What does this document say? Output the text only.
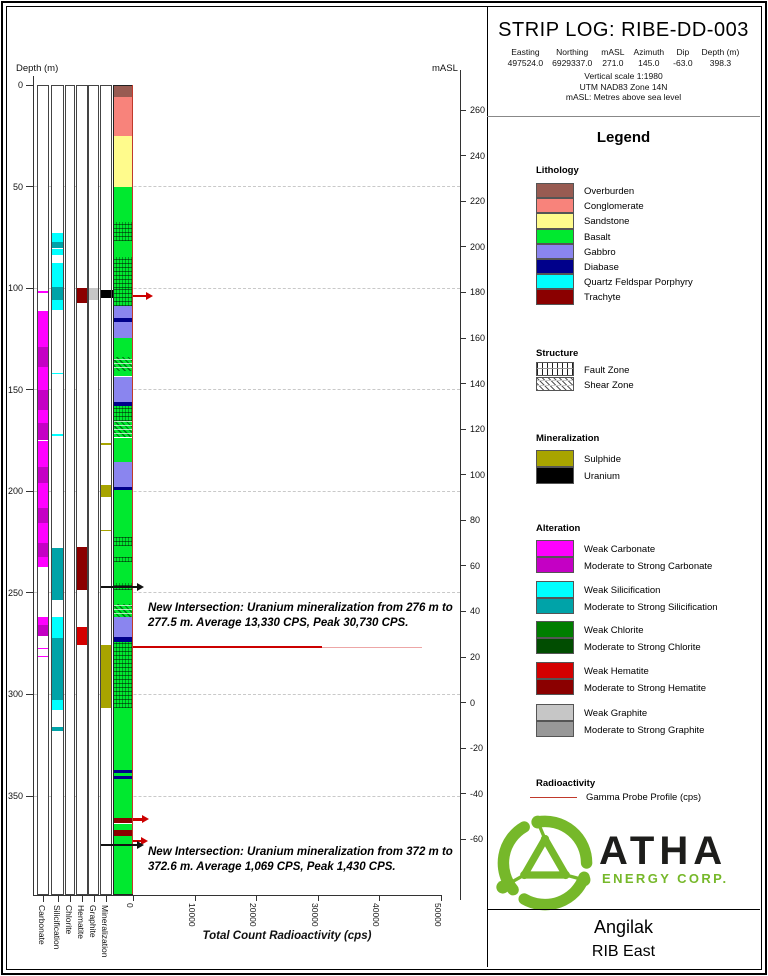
New Intersection: Uranium mineralization from 276 m to 277.5 m. Average 13,330 CPS, Peak 30,730 CPS.
New Intersection: Uranium mineralization from 372 m to 372.6 m. Average 1,069 CPS, Peak 1,430 CPS.
Depth (m)
0
50
100
150
200
250
300
350
mASL
260
240
220
200
180
160
140
120
100
80
60
40
20
0
-20
-40
-60
0	10000	20000	30000	40000	50000
Total Count Radioactivity (cps)
Carbonate Silicification Chlorite Hematite Graphite Mineralization
STRIP LOG: RIBE-DD-003
Easting
497524.0
Northing
6929337.0
mASL
271.0
Azimuth
145.0
Dip
-63.0
Depth (m)
398.3
Vertical scale 1:1980
UTM NAD83 Zone 14N
mASL: Metres above sea level
Legend
ATHA
ENERGY CORP.
Angilak
RIB East
Lithology
Overburden
Conglomerate
Sandstone
Basalt
Gabbro
Diabase
Quartz Feldspar Porphyry
Trachyte
Structure
Fault Zone
Shear Zone
Mineralization
Sulphide
Uranium
Alteration
Weak Carbonate
Moderate to Strong Carbonate
Weak Silicification
Moderate to Strong Silicification
Weak Chlorite
Moderate to Strong Chlorite
Weak Hematite
Moderate to Strong Hematite
Weak Graphite
Moderate to Strong Graphite
Radioactivity
Gamma Probe Profile (cps)
